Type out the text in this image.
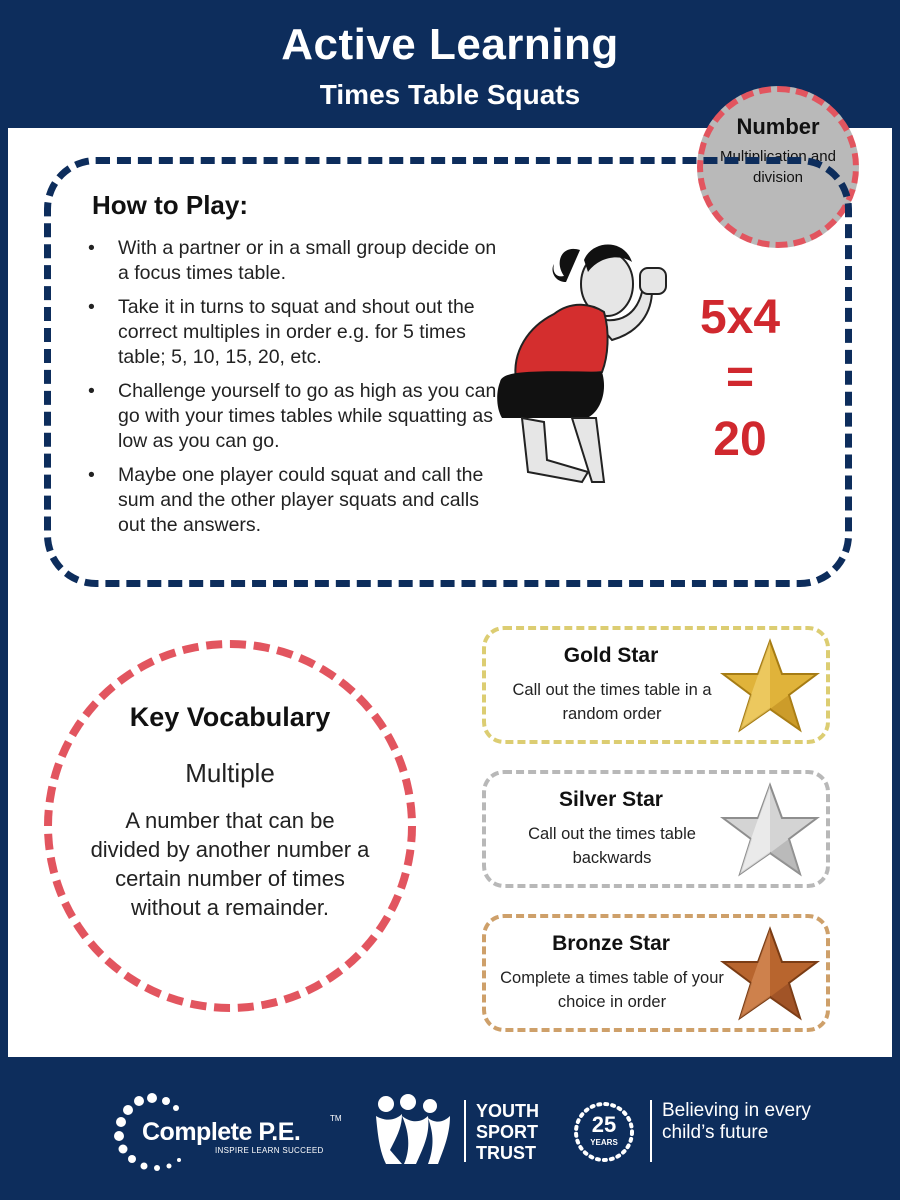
Active Learning
Times Table Squats
Number
Multiplication and division
How to Play:
• With a partner or in a small group decide on a focus times table.
• Take it in turns to squat and shout out the correct multiples in order e.g. for 5 times table; 5, 10, 15, 20, etc.
• Challenge yourself to go as high as you can go with your times tables while squatting as low as you can go.
• Maybe one player could squat and call the sum and the other player squats and calls out the answers.
5x4
=
20
Key Vocabulary
Multiple
A number that can be divided by another number a certain number of times without a remainder.
Gold Star
Call out the times table in a random order
Silver Star
Call out the times table backwards
Bronze Star
Complete a times table of your choice in order
Complete P.E.	TM
INSPIRE LEARN SUCCEED
YOUTH
SPORT
TRUST
25
YEARS
Believing in every child’s future
